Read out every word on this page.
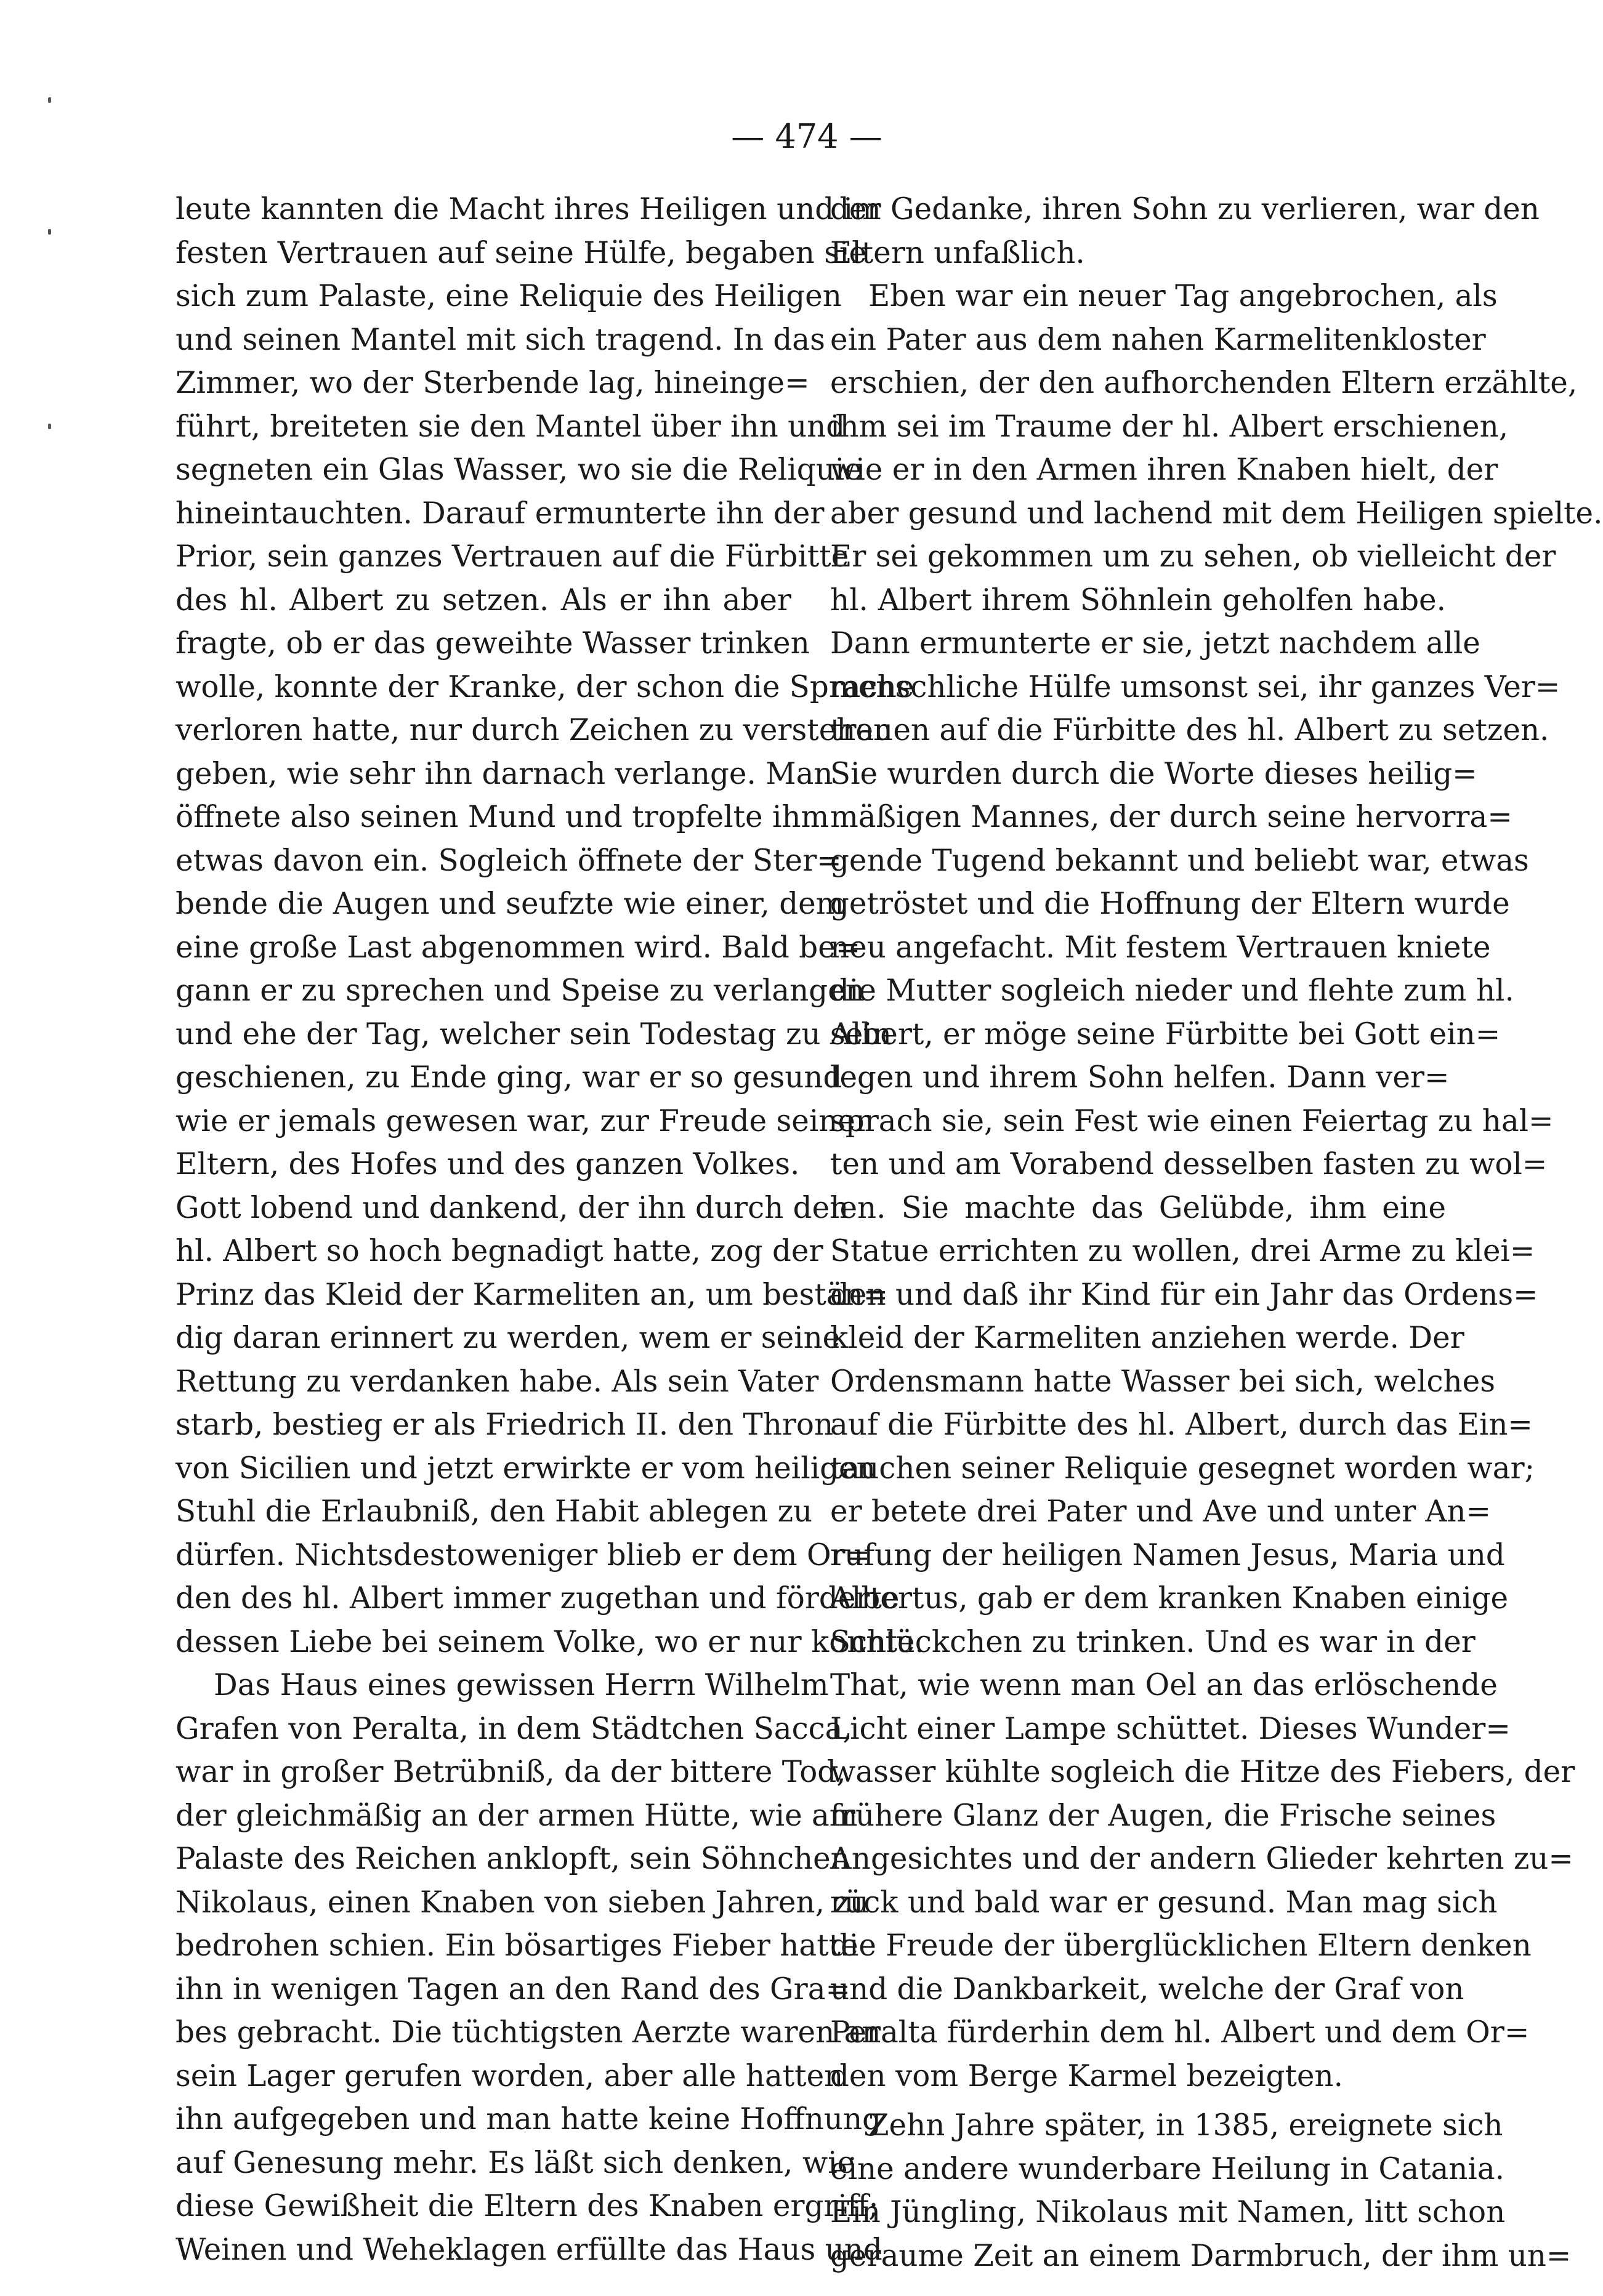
— 474 —
leute kannten die Macht ihres Heiligen und im
festen Vertrauen auf seine Hülfe, begaben sie
sich zum Palaste, eine Reliquie des Heiligen
und seinen Mantel mit sich tragend. In das
Zimmer, wo der Sterbende lag, hineinge=
führt, breiteten sie den Mantel über ihn und
segneten ein Glas Wasser, wo sie die Reliquie
hineintauchten. Darauf ermunterte ihn der
Prior, sein ganzes Vertrauen auf die Fürbitte
des hl. Albert zu setzen. Als er ihn aber
fragte, ob er das geweihte Wasser trinken
wolle, konnte der Kranke, der schon die Sprache
verloren hatte, nur durch Zeichen zu verstehen
geben, wie sehr ihn darnach verlange. Man
öffnete also seinen Mund und tropfelte ihm
etwas davon ein. Sogleich öffnete der Ster=
bende die Augen und seufzte wie einer, dem
eine große Last abgenommen wird. Bald be=
gann er zu sprechen und Speise zu verlangen
und ehe der Tag, welcher sein Todestag zu sein
geschienen, zu Ende ging, war er so gesund
wie er jemals gewesen war, zur Freude seiner
Eltern, des Hofes und des ganzen Volkes.
Gott lobend und dankend, der ihn durch den
hl. Albert so hoch begnadigt hatte, zog der
Prinz das Kleid der Karmeliten an, um bestän=
dig daran erinnert zu werden, wem er seine
Rettung zu verdanken habe. Als sein Vater
starb, bestieg er als Friedrich II. den Thron
von Sicilien und jetzt erwirkte er vom heiligen
Stuhl die Erlaubniß, den Habit ablegen zu
dürfen. Nichtsdestoweniger blieb er dem Or=
den des hl. Albert immer zugethan und förderte
dessen Liebe bei seinem Volke, wo er nur konnte.
Das Haus eines gewissen Herrn Wilhelm
Grafen von Peralta, in dem Städtchen Sacca,
war in großer Betrübniß, da der bittere Tod,
der gleichmäßig an der armen Hütte, wie am
Palaste des Reichen anklopft, sein Söhnchen
Nikolaus, einen Knaben von sieben Jahren, zu
bedrohen schien. Ein bösartiges Fieber hatte
ihn in wenigen Tagen an den Rand des Gra=
bes gebracht. Die tüchtigsten Aerzte waren an
sein Lager gerufen worden, aber alle hatten
ihn aufgegeben und man hatte keine Hoffnung
auf Genesung mehr. Es läßt sich denken, wie
diese Gewißheit die Eltern des Knaben ergriff;
Weinen und Weheklagen erfüllte das Haus und
der Gedanke, ihren Sohn zu verlieren, war den
Eltern unfaßlich.
Eben war ein neuer Tag angebrochen, als
ein Pater aus dem nahen Karmelitenkloster
erschien, der den aufhorchenden Eltern erzählte,
ihm sei im Traume der hl. Albert erschienen,
wie er in den Armen ihren Knaben hielt, der
aber gesund und lachend mit dem Heiligen spielte.
Er sei gekommen um zu sehen, ob vielleicht der
hl. Albert ihrem Söhnlein geholfen habe.
Dann ermunterte er sie, jetzt nachdem alle
menschliche Hülfe umsonst sei, ihr ganzes Ver=
trauen auf die Fürbitte des hl. Albert zu setzen.
Sie wurden durch die Worte dieses heilig=
mäßigen Mannes, der durch seine hervorra=
gende Tugend bekannt und beliebt war, etwas
getröstet und die Hoffnung der Eltern wurde
neu angefacht. Mit festem Vertrauen kniete
die Mutter sogleich nieder und flehte zum hl.
Albert, er möge seine Fürbitte bei Gott ein=
legen und ihrem Sohn helfen. Dann ver=
sprach sie, sein Fest wie einen Feiertag zu hal=
ten und am Vorabend desselben fasten zu wol=
len. Sie machte das Gelübde, ihm eine
Statue errichten zu wollen, drei Arme zu klei=
den und daß ihr Kind für ein Jahr das Ordens=
kleid der Karmeliten anziehen werde. Der
Ordensmann hatte Wasser bei sich, welches
auf die Fürbitte des hl. Albert, durch das Ein=
tauchen seiner Reliquie gesegnet worden war;
er betete drei Pater und Ave und unter An=
rufung der heiligen Namen Jesus, Maria und
Albertus, gab er dem kranken Knaben einige
Schlückchen zu trinken. Und es war in der
That, wie wenn man Oel an das erlöschende
Licht einer Lampe schüttet. Dieses Wunder=
wasser kühlte sogleich die Hitze des Fiebers, der
frühere Glanz der Augen, die Frische seines
Angesichtes und der andern Glieder kehrten zu=
rück und bald war er gesund. Man mag sich
die Freude der überglücklichen Eltern denken
und die Dankbarkeit, welche der Graf von
Peralta fürderhin dem hl. Albert und dem Or=
den vom Berge Karmel bezeigten.
Zehn Jahre später, in 1385, ereignete sich
eine andere wunderbare Heilung in Catania.
Ein Jüngling, Nikolaus mit Namen, litt schon
geraume Zeit an einem Darmbruch, der ihm un=
